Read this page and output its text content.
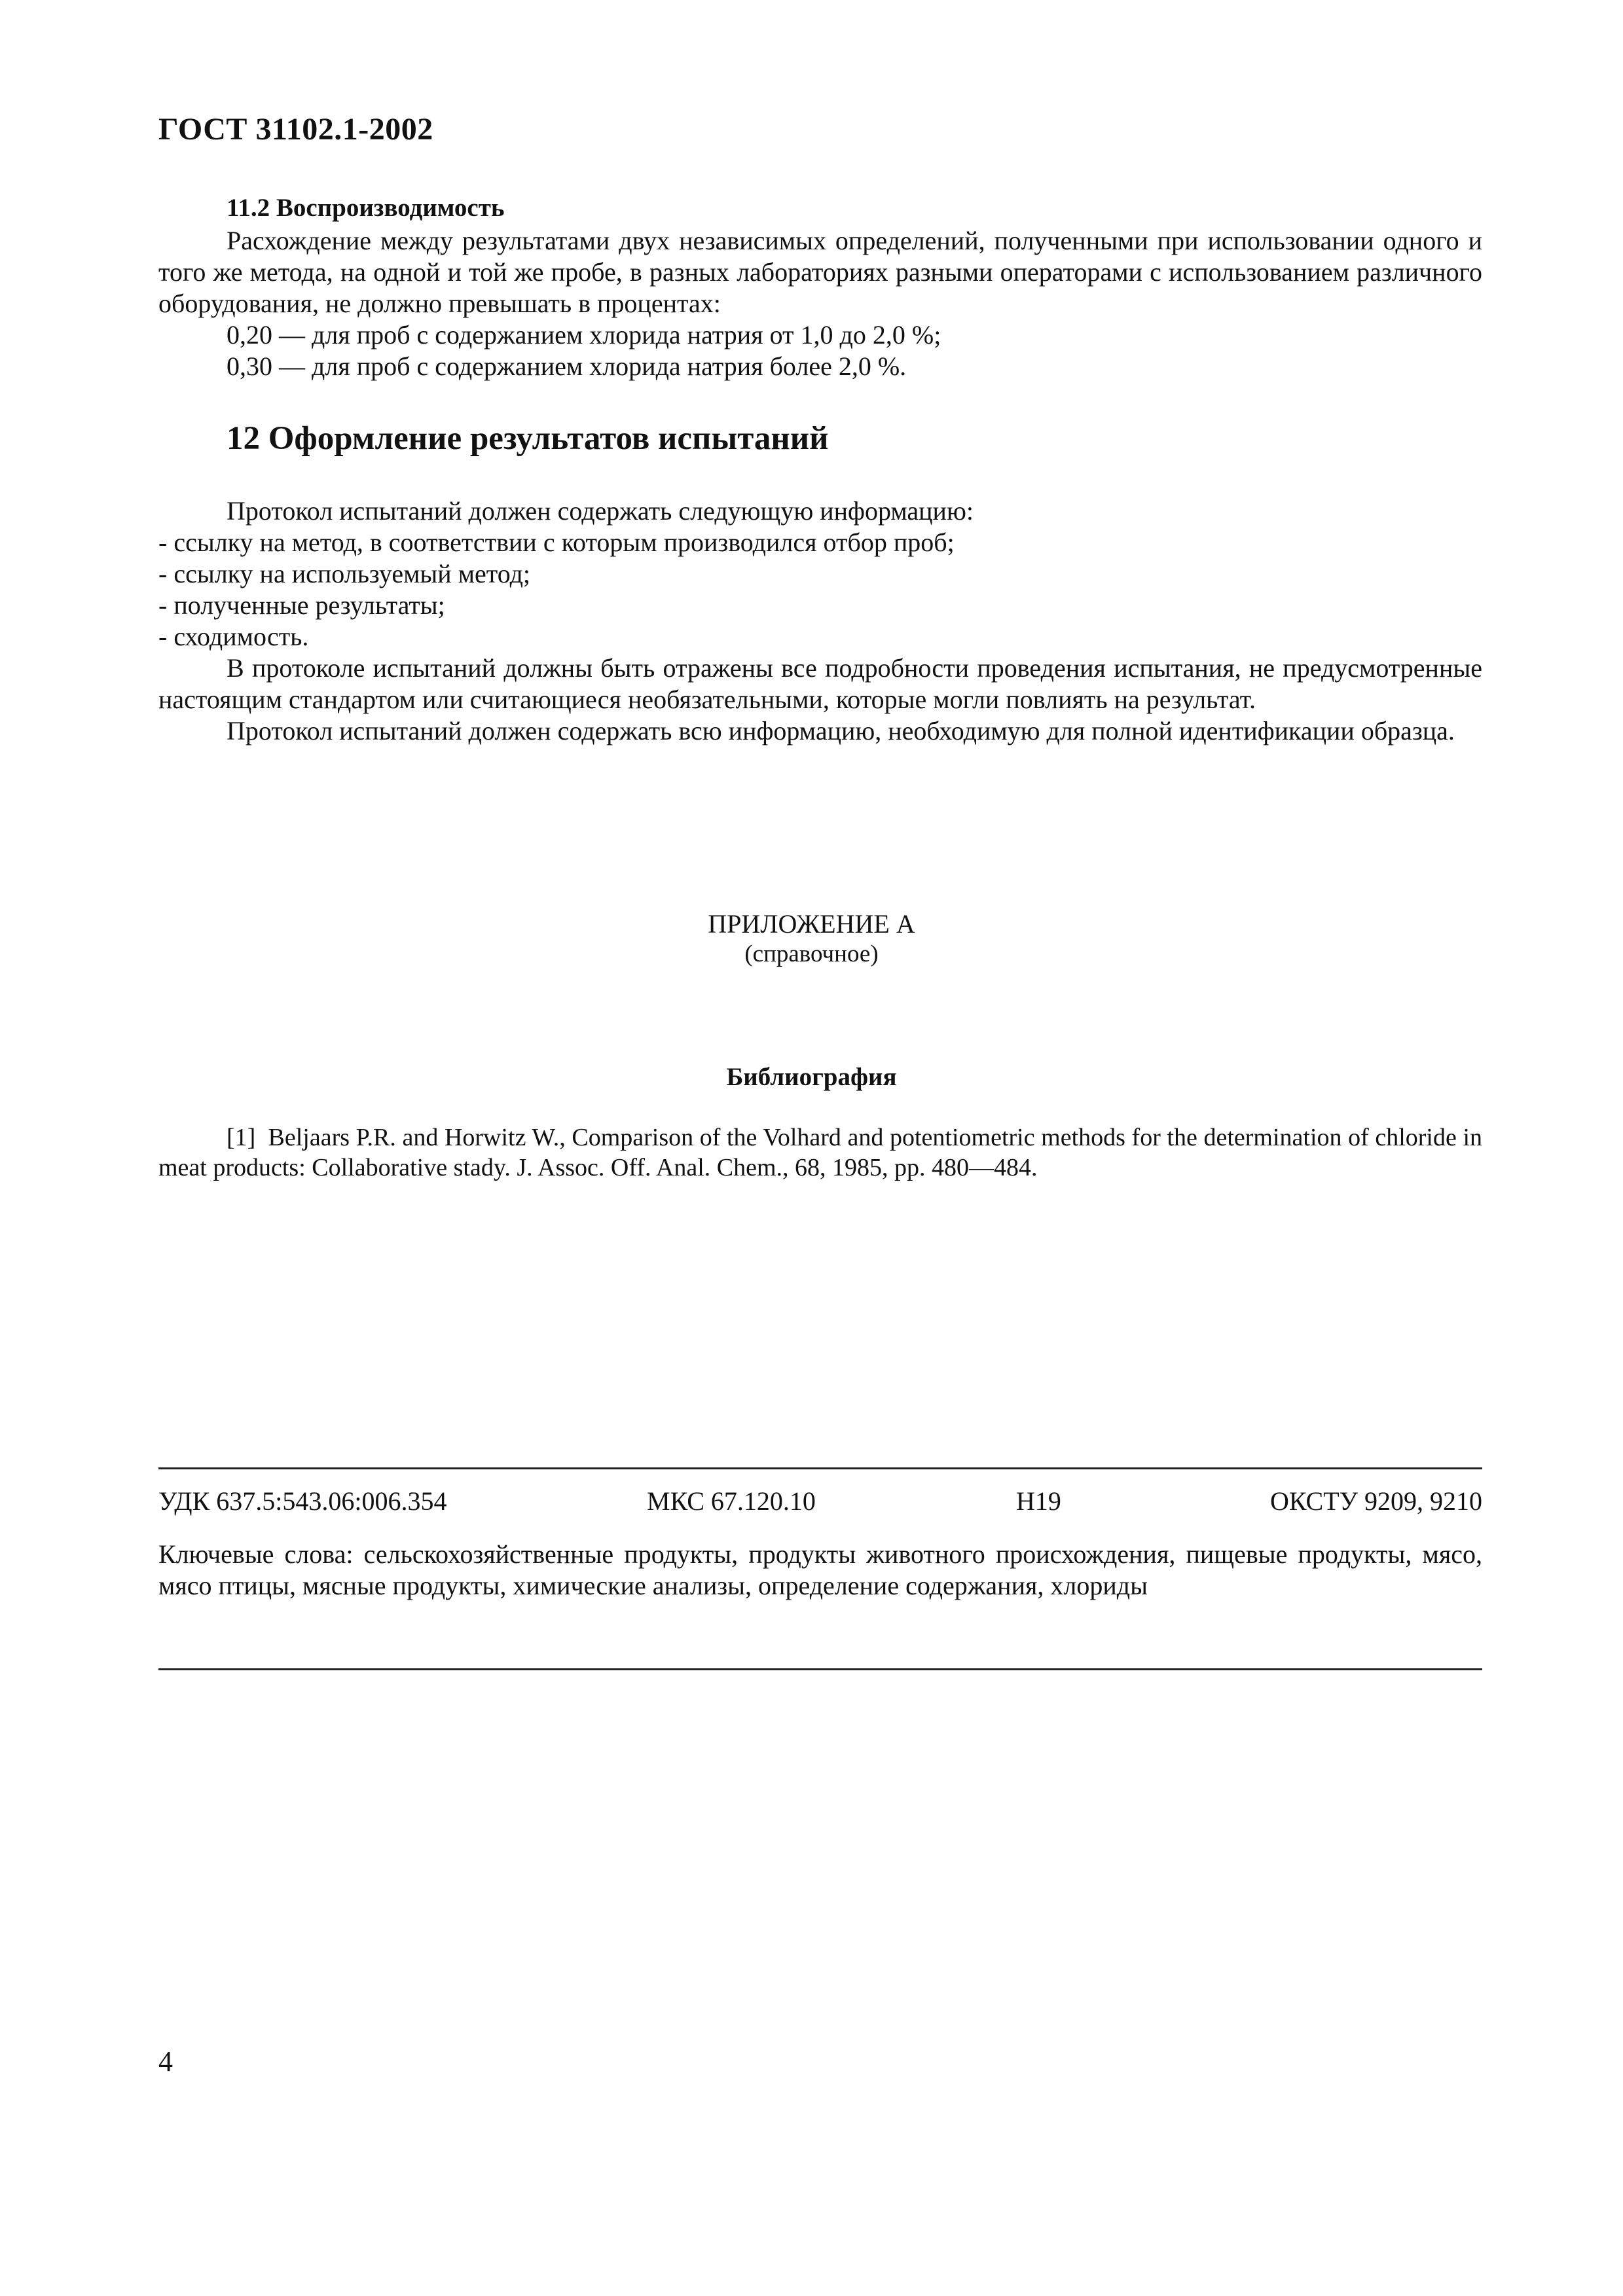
ГОСТ 31102.1-2002
11.2 Воспроизводимость
Расхождение между результатами двух независимых определений, полученными при использовании одного и того же метода, на одной и той же пробе, в разных лабораториях разными операторами с использованием различного оборудования, не должно превышать в процентах:
0,20 — для проб с содержанием хлорида натрия от 1,0 до 2,0 %;
0,30 — для проб с содержанием хлорида натрия более 2,0 %.
12 Оформление результатов испытаний
Протокол испытаний должен содержать следующую информацию:
- ссылку на метод, в соответствии с которым производился отбор проб;
- ссылку на используемый метод;
- полученные результаты;
- сходимость.
В протоколе испытаний должны быть отражены все подробности проведения испытания, не предусмотренные настоящим стандартом или считающиеся необязательными, которые могли повлиять на результат.
Протокол испытаний должен содержать всю информацию, необходимую для полной идентификации образца.
ПРИЛОЖЕНИЕ А
(справочное)
Библиография
[1] Beljaars P.R. and Horwitz W., Comparison of the Volhard and potentiometric methods for the determination of chloride in meat products: Collaborative stady. J. Assoc. Off. Anal. Chem., 68, 1985, pp. 480—484.
УДК 637.5:543.06:006.354	МКС 67.120.10	Н19	ОКСТУ 9209, 9210
Ключевые слова: сельскохозяйственные продукты, продукты животного происхождения, пищевые продукты, мясо, мясо птицы, мясные продукты, химические анализы, определение содержания, хлориды
4
